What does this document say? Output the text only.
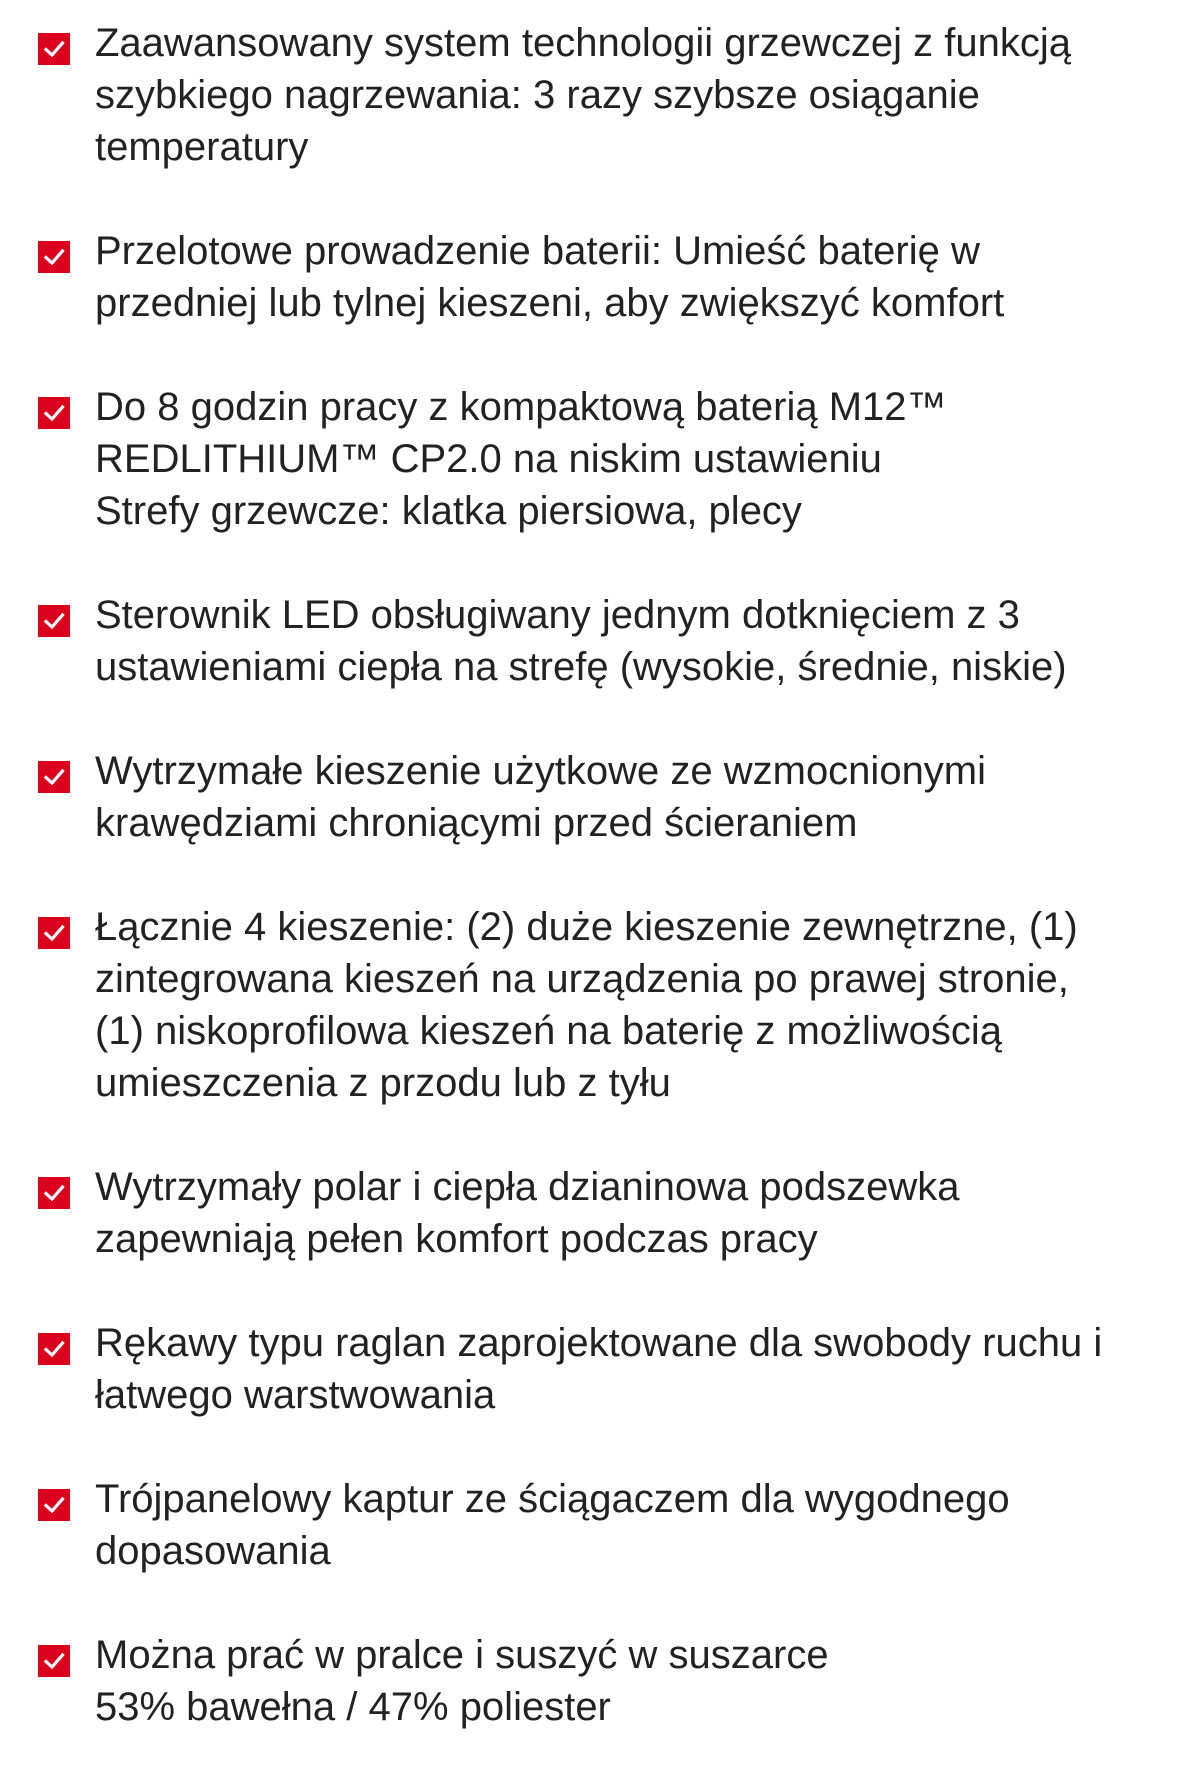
Zaawansowany system technologii grzewczej z funkcją
szybkiego nagrzewania: 3 razy szybsze osiąganie
temperatury
Przelotowe prowadzenie baterii: Umieść baterię w
przedniej lub tylnej kieszeni, aby zwiększyć komfort
Do 8 godzin pracy z kompaktową baterią M12™
REDLITHIUM™ CP2.0 na niskim ustawieniu
Strefy grzewcze: klatka piersiowa, plecy
Sterownik LED obsługiwany jednym dotknięciem z 3
ustawieniami ciepła na strefę (wysokie, średnie, niskie)
Wytrzymałe kieszenie użytkowe ze wzmocnionymi
krawędziami chroniącymi przed ścieraniem
Łącznie 4 kieszenie: (2) duże kieszenie zewnętrzne, (1)
zintegrowana kieszeń na urządzenia po prawej stronie,
(1) niskoprofilowa kieszeń na baterię z możliwością
umieszczenia z przodu lub z tyłu
Wytrzymały polar i ciepła dzianinowa podszewka
zapewniają pełen komfort podczas pracy
Rękawy typu raglan zaprojektowane dla swobody ruchu i
łatwego warstwowania
Trójpanelowy kaptur ze ściągaczem dla wygodnego
dopasowania
Można prać w pralce i suszyć w suszarce
53% bawełna / 47% poliester
